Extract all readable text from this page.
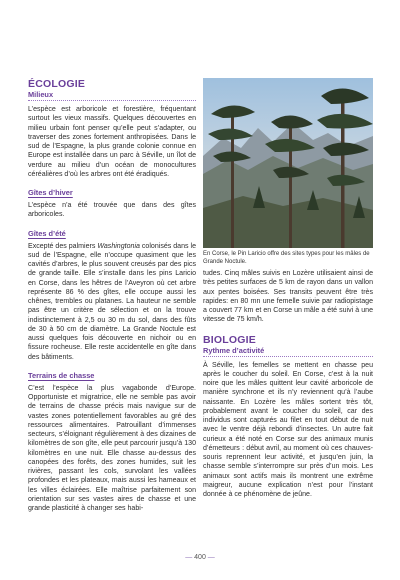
ÉCOLOGIE
Milieux

L’espèce est arboricole et forestière, fréquentant surtout les vieux massifs. Quelques découvertes en milieu urbain font penser qu’elle peut s’adapter, ou traverser des zones fortement anthropisées. Dans le sud de l’Espagne, la plus grande colonie connue en Europe est installée dans un parc à Séville, un îlot de verdure au milieu d’un océan de monocultures céréalières d’où les arbres ont été éradiqués.

Gîtes d’hiver

L’espèce n’a été trouvée que dans des gîtes arboricoles.

Gîtes d’été

Excepté des palmiers Washingtonia colonisés dans le sud de l’Espagne, elle n’occupe quasiment que les cavités d’arbres, le plus souvent creusés par des pics de grande taille. Elle s’installe dans les pins Laricio en Corse, dans les hêtres de l’Aveyron où cet arbre représente 86 % des gîtes, elle occupe aussi les chênes, trembles ou platanes. La hauteur ne semble pas être un critère de sélection et on la trouve indistinctement à 2,5 ou 30 m du sol, dans des fûts de 30 à 50 cm de diamètre. La Grande Noctule est aussi quelques fois découverte en nichoir ou en fissure rocheuse. Elle reste accidentelle en gîte dans des bâtiments.

Terrains de chasse

C’est l’espèce la plus vagabonde d’Europe. Opportuniste et migratrice, elle ne semble pas avoir de terrains de chasse précis mais navigue sur de vastes zones potentiellement favorables au gré des ressources alimentaires. Patrouillant d’immenses secteurs, s’éloignant régulièrement à des dizaines de kilomètres de son gîte, elle peut parcourir jusqu’à 130 kilomètres en une nuit. Elle chasse au-dessus des canopées des forêts, des zones humides, suit les rivières, passant les cols, survolant les vallées profondes et les plateaux, mais aussi les hameaux et les villes éclairées. Elle maîtrise parfaitement son orientation sur ses vastes aires de chasse et une grande plasticité à changer ses habi-

En Corse, le Pin Laricio offre des sites types pour les mâles de Grande Noctule.

tudes. Cinq mâles suivis en Lozère utilisaient ainsi de très petites surfaces de 5 km de rayon dans un vallon aux pentes boisées. Ses transits peuvent être très rapides: en 80 mn une femelle suivie par radiopistage a couvert 77 km et en Corse un mâle a été suivi à une vitesse de 75 km/h.

BIOLOGIE
Rythme d’activité

À Séville, les femelles se mettent en chasse peu après le coucher du soleil. En Corse, c’est à la nuit noire que les mâles quittent leur cavité arboricole de manière synchrone et ils n’y reviennent qu’à l’aube naissante. En Lozère les mâles sortent très tôt, probablement avant le coucher du soleil, car des individus sont capturés au filet en tout début de nuit avec le ventre déjà rebondi d’insectes. Un autre fait curieux a été noté en Corse sur des animaux munis d’émetteurs : début avril, au moment où ces chauves-souris reprennent leur activité, et jusqu’en juin, la chasse semble s’interrompre sur près d’un mois. Les animaux sont actifs mais ils montrent une extrême maigreur, aucune explication n’est pour l’instant donnée à ce phénomène de jeûne.

— 400 —
